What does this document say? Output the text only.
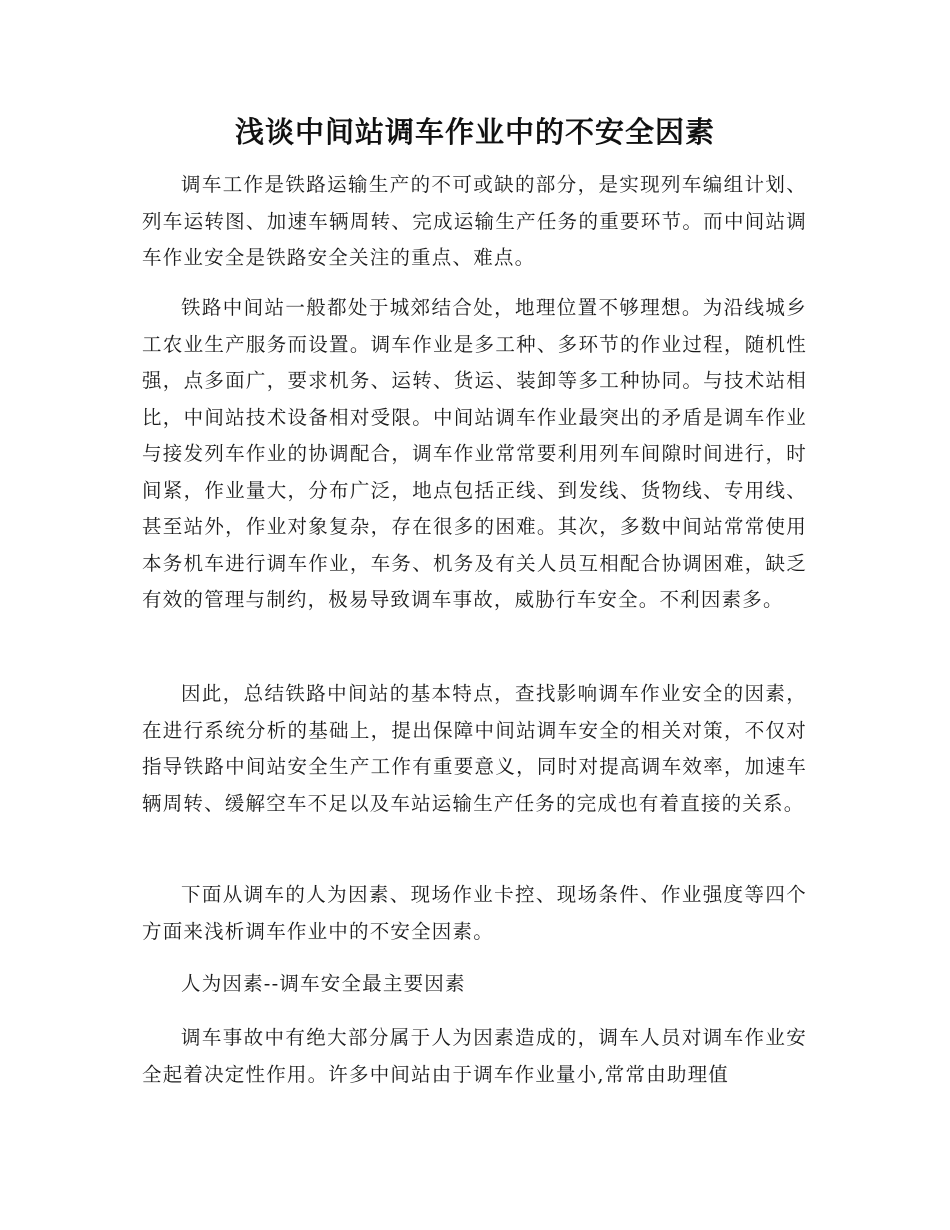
浅谈中间站调车作业中的不安全因素

调车工作是铁路运输生产的不可或缺的部分，是实现列车编组计划、列车运转图、加速车辆周转、完成运输生产任务的重要环节。而中间站调车作业安全是铁路安全关注的重点、难点。

铁路中间站一般都处于城郊结合处，地理位置不够理想。为沿线城乡工农业生产服务而设置。调车作业是多工种、多环节的作业过程，随机性强，点多面广，要求机务、运转、货运、装卸等多工种协同。与技术站相比，中间站技术设备相对受限。中间站调车作业最突出的矛盾是调车作业与接发列车作业的协调配合，调车作业常常要利用列车间隙时间进行，时间紧，作业量大，分布广泛，地点包括正线、到发线、货物线、专用线、甚至站外，作业对象复杂，存在很多的困难。其次，多数中间站常常使用本务机车进行调车作业，车务、机务及有关人员互相配合协调困难，缺乏有效的管理与制约，极易导致调车事故，威胁行车安全。不利因素多。

因此，总结铁路中间站的基本特点，查找影响调车作业安全的因素，在进行系统分析的基础上，提出保障中间站调车安全的相关对策，不仅对指导铁路中间站安全生产工作有重要意义，同时对提高调车效率，加速车辆周转、缓解空车不足以及车站运输生产任务的完成也有着直接的关系。

下面从调车的人为因素、现场作业卡控、现场条件、作业强度等四个方面来浅析调车作业中的不安全因素。

人为因素--调车安全最主要因素

调车事故中有绝大部分属于人为因素造成的，调车人员对调车作业安全起着决定性作用。许多中间站由于调车作业量小,常常由助理值
